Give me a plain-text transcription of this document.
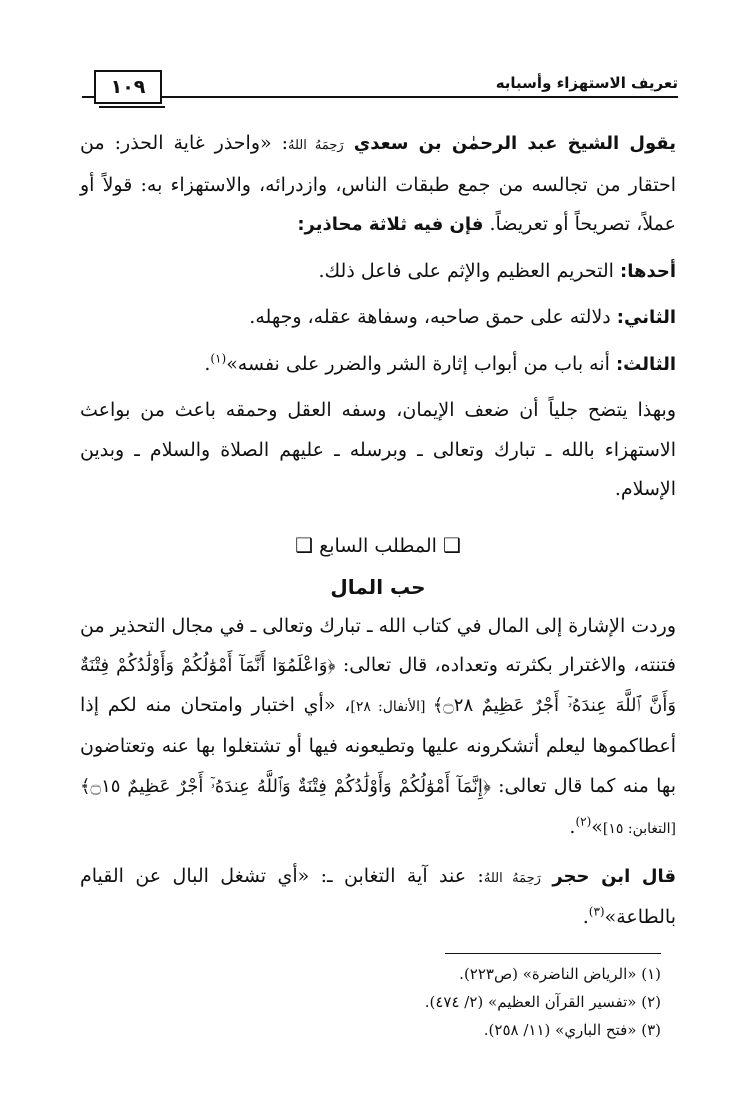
تعريف الاستهزاء وأسبابه
١٠٩

يقول الشيخ عبد الرحمٰن بن سعدي رَحِمَهُ اللهُ: «واحذر غاية الحذر: من احتقار من تجالسه من جمع طبقات الناس، وازدرائه، والاستهزاء به: قولاً أو عملاً، تصريحاً أو تعريضاً. فإن فيه ثلاثة محاذير:

أحدها: التحريم العظيم والإثم على فاعل ذلك.

الثاني: دلالته على حمق صاحبه، وسفاهة عقله، وجهله.

الثالث: أنه باب من أبواب إثارة الشر والضرر على نفسه»$^{(١)}$.

وبهذا يتضح جلياً أن ضعف الإيمان، وسفه العقل وحمقه باعث من بواعث الاستهزاء بالله ـ تبارك وتعالى ـ وبرسله ـ عليهم الصلاة والسلام ـ وبدين الإسلام.

❑ المطلب السابع ❑
حب المال

وردت الإشارة إلى المال في كتاب الله ـ تبارك وتعالى ـ في مجال التحذير من فتنته، والاغترار بكثرته وتعداده، قال تعالى: ﴿وَاعْلَمُوٓا أَنَّمَآ أَمْوَٰلُكُمْ وَأَوْلَٰدُكُمْ فِتْنَةٌ وَأَنَّ ٱللَّهَ عِندَهُۥٓ أَجْرٌ عَظِيمٌ ۝٢٨﴾ [الأنفال: ٢٨]، «أي اختبار وامتحان منه لكم إذا أعطاكموها ليعلم أتشكرونه عليها وتطيعونه فيها أو تشتغلوا بها عنه وتعتاضون بها منه كما قال تعالى: ﴿إِنَّمَآ أَمْوَٰلُكُمْ وَأَوْلَٰدُكُمْ فِتْنَةٌ وَٱللَّهُ عِندَهُۥٓ أَجْرٌ عَظِيمٌ ۝١٥﴾ [التغابن: ١٥]»$^{(٢)}$.

قال ابن حجر رَحِمَهُ اللهُ: عند آية التغابن ـ: «أي تشغل البال عن القيام بالطاعة»$^{(٣)}$.

(١) «الرياض الناضرة» (ص٢٢٣).
(٢) «تفسير القرآن العظيم» (٢/ ٤٧٤).
(٣) «فتح الباري» (١١/ ٢٥٨).
